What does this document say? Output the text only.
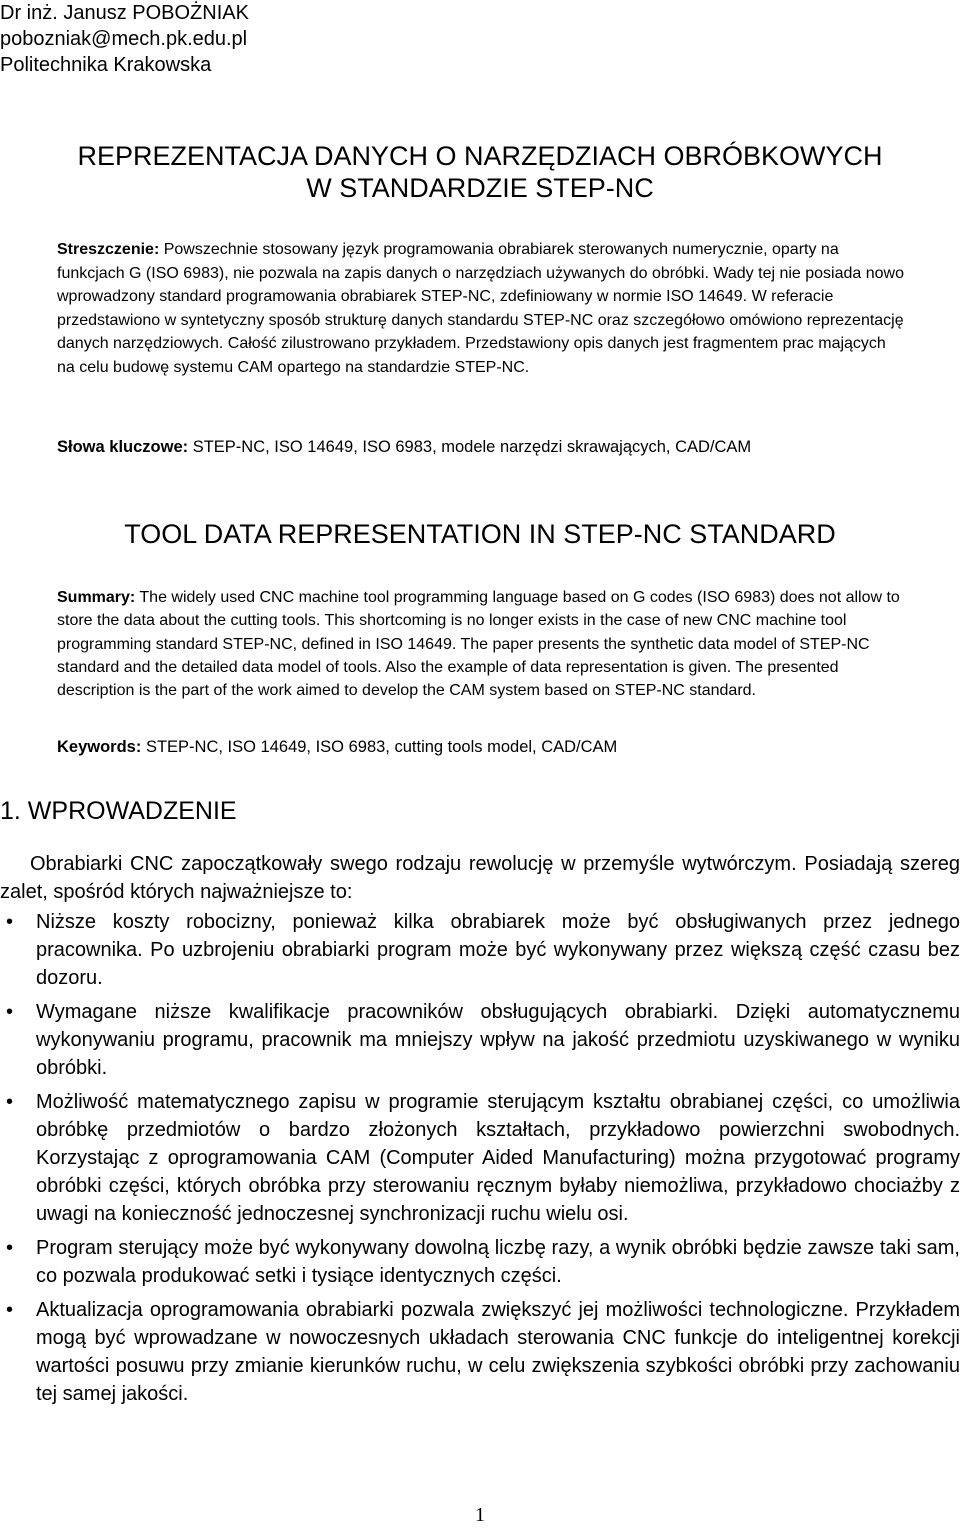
Dr inż. Janusz POBOŻNIAK
pobozniak@mech.pk.edu.pl
Politechnika Krakowska
REPREZENTACJA DANYCH O NARZĘDZIACH OBRÓBKOWYCH
W STANDARDZIE STEP-NC
Streszczenie: Powszechnie stosowany język programowania obrabiarek sterowanych numerycznie, oparty na funkcjach G (ISO 6983), nie pozwala na zapis danych o narzędziach używanych do obróbki. Wady tej nie posiada nowo wprowadzony standard programowania obrabiarek STEP-NC, zdefiniowany w normie ISO 14649. W referacie przedstawiono w syntetyczny sposób strukturę danych standardu STEP-NC oraz szczegółowo omówiono reprezentację danych narzędziowych. Całość zilustrowano przykładem. Przedstawiony opis danych jest fragmentem prac mających na celu budowę systemu CAM opartego na standardzie STEP-NC.
Słowa kluczowe: STEP-NC, ISO 14649, ISO 6983, modele narzędzi skrawających, CAD/CAM
TOOL DATA REPRESENTATION IN STEP-NC STANDARD
Summary: The widely used CNC machine tool programming language based on G codes (ISO 6983) does not allow to store the data about the cutting tools. This shortcoming is no longer exists in the case of new CNC machine tool programming standard STEP-NC, defined in ISO 14649. The paper presents the synthetic data model of STEP-NC standard and the detailed data model of tools. Also the example of data representation is given. The presented description is the part of the work aimed to develop the CAM system based on STEP-NC standard.
Keywords: STEP-NC, ISO 14649, ISO 6983, cutting tools model, CAD/CAM
1. WPROWADZENIE
Obrabiarki CNC zapoczątkowały swego rodzaju rewolucję w przemyśle wytwórczym. Posiadają szereg zalet, spośród których najważniejsze to:
•	Niższe koszty robocizny, ponieważ kilka obrabiarek może być obsługiwanych przez jednego pracownika. Po uzbrojeniu obrabiarki program może być wykonywany przez większą część czasu bez dozoru.
•	Wymagane niższe kwalifikacje pracowników obsługujących obrabiarki. Dzięki automatycznemu wykonywaniu programu, pracownik ma mniejszy wpływ na jakość przedmiotu uzyskiwanego w wyniku obróbki.
•	Możliwość matematycznego zapisu w programie sterującym kształtu obrabianej części, co umożliwia obróbkę przedmiotów o bardzo złożonych kształtach, przykładowo powierzchni swobodnych. Korzystając z oprogramowania CAM (Computer Aided Manufacturing) można przygotować programy obróbki części, których obróbka przy sterowaniu ręcznym byłaby niemożliwa, przykładowo chociażby z uwagi na konieczność jednoczesnej synchronizacji ruchu wielu osi.
•	Program sterujący może być wykonywany dowolną liczbę razy, a wynik obróbki będzie zawsze taki sam, co pozwala produkować setki i tysiące identycznych części.
•	Aktualizacja oprogramowania obrabiarki pozwala zwiększyć jej możliwości technologiczne. Przykładem mogą być wprowadzane w nowoczesnych układach sterowania CNC funkcje do inteligentnej korekcji wartości posuwu przy zmianie kierunków ruchu, w celu zwiększenia szybkości obróbki przy zachowaniu tej samej jakości.
1
